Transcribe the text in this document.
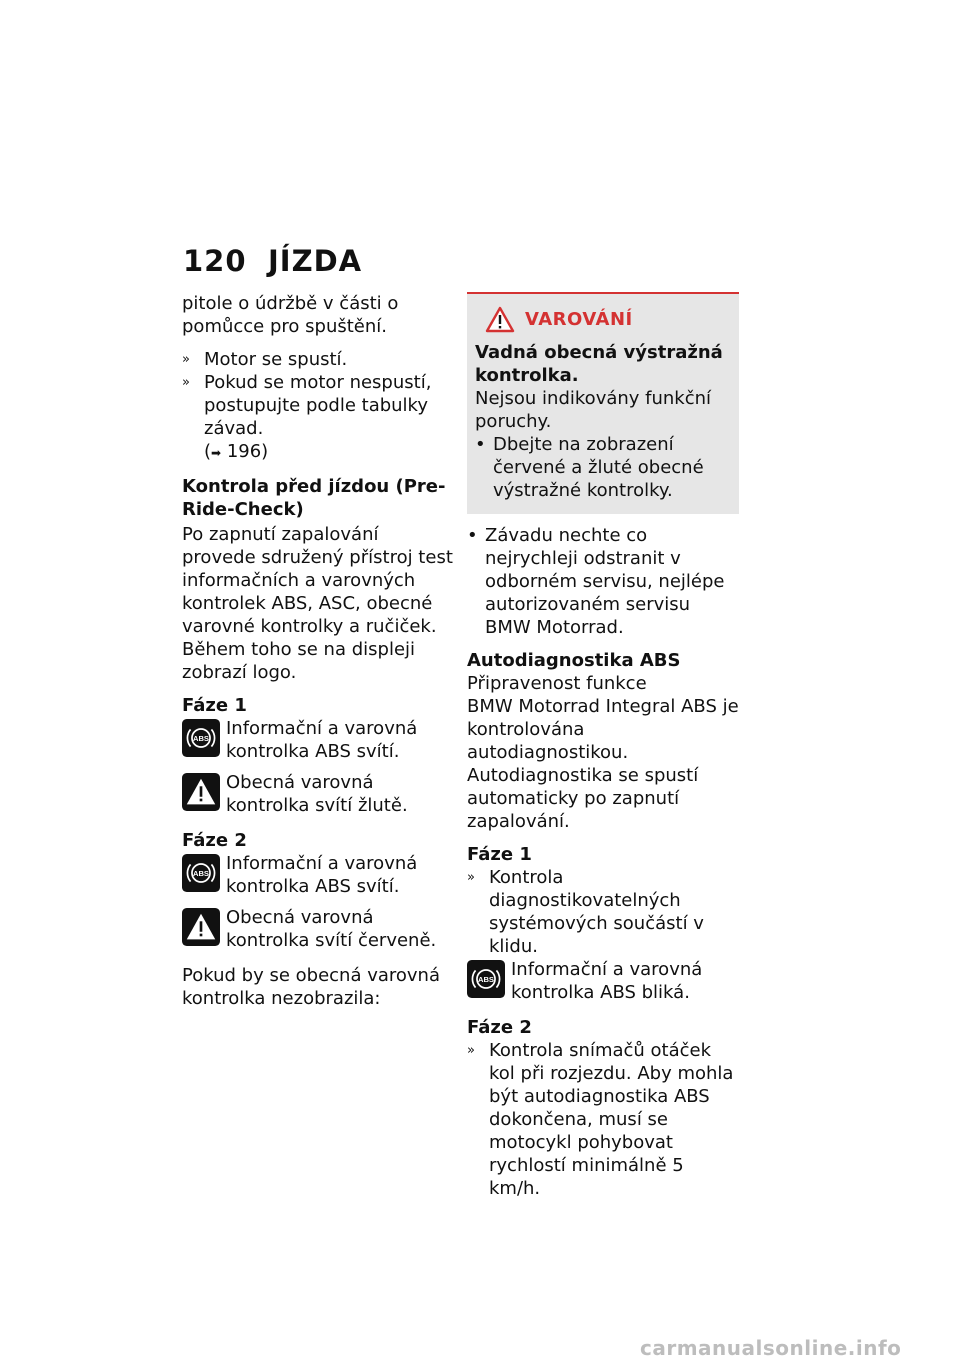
120 JÍZDA

pitole o údržbě v části o pomůcce pro spuštění.

» Motor se spustí.
» Pokud se motor nespustí, postupujte podle tabulky závad.
(➡ 196)

Kontrola před jízdou (Pre-Ride-Check)

Po zapnutí zapalování provede sdružený přístroj test informačních a varovných kontrolek ABS, ASC, obecné varovné kontrolky a ručiček. Během toho se na displeji zobrazí logo.

Fáze 1

Informační a varovná kontrolka ABS svítí.
Obecná varovná kontrolka svítí žlutě.

Fáze 2

Informační a varovná kontrolka ABS svítí.
Obecná varovná kontrolka svítí červeně.

Pokud by se obecná varovná kontrolka nezobrazila:

VAROVÁNÍ

Vadná obecná výstražná kontrolka.

Nejsou indikovány funkční poruchy.

• Dbejte na zobrazení červené a žluté obecné výstražné kontrolky.
• Závadu nechte co nejrychleji odstranit v odborném servisu, nejlépe autorizovaném servisu BMW Motorrad.

Autodiagnostika ABS

Připravenost funkce

BMW Motorrad Integral ABS je kontrolována autodiagnostikou. Autodiagnostika se spustí automaticky po zapnutí zapalování.

Fáze 1

» Kontrola diagnostikovatelných systémových součástí v klidu.
Informační a varovná kontrolka ABS bliká.

Fáze 2

» Kontrola snímačů otáček kol při rozjezdu. Aby mohla být autodiagnostika ABS dokončena, musí se motocykl pohybovat rychlostí minimálně 5 km/h.
carmanualsonline.info
